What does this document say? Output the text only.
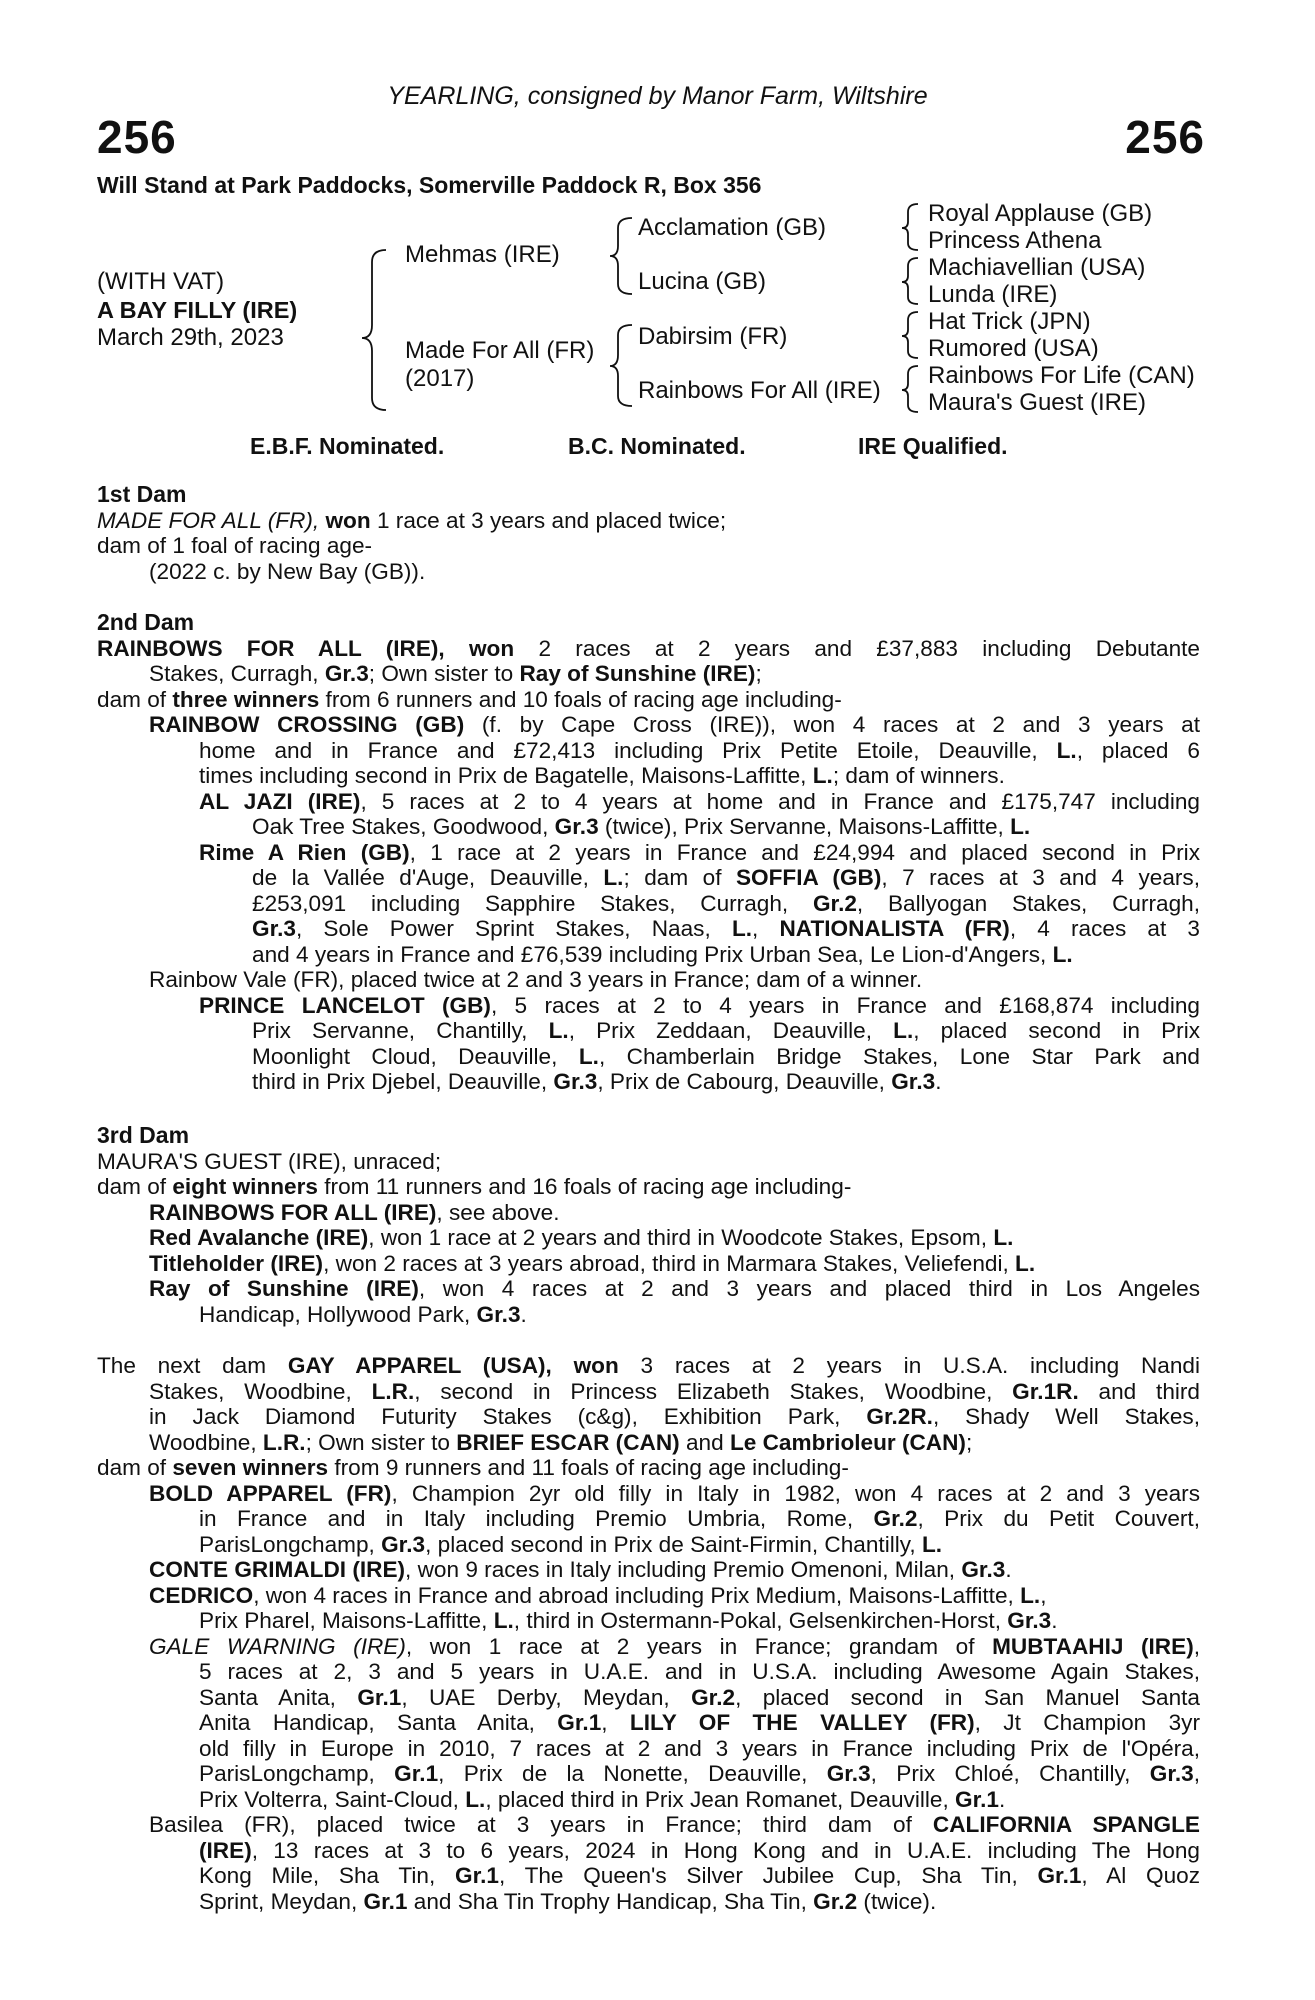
YEARLING, consigned by Manor Farm, Wiltshire
256	256
Will Stand at Park Paddocks, Somerville Paddock R, Box 356
(WITH VAT)
A BAY FILLY (IRE)
March 29th, 2023
Mehmas (IRE)
Made For All (FR)
(2017)
Acclamation (GB)
Lucina (GB)
Dabirsim (FR)
Rainbows For All (IRE)
Royal Applause (GB)
Princess Athena
Machiavellian (USA)
Lunda (IRE)
Hat Trick (JPN)
Rumored (USA)
Rainbows For Life (CAN)
Maura's Guest (IRE)
E.B.F. Nominated.	B.C. Nominated.	IRE Qualified.
1st Dam
MADE FOR ALL (FR), won 1 race at 3 years and placed twice;
dam of 1 foal of racing age-
(2022 c. by New Bay (GB)).
2nd Dam
RAINBOWS FOR ALL (IRE), won 2 races at 2 years and £37,883 including Debutante
Stakes, Curragh, Gr.3; Own sister to Ray of Sunshine (IRE);
dam of three winners from 6 runners and 10 foals of racing age including-
RAINBOW CROSSING (GB) (f. by Cape Cross (IRE)), won 4 races at 2 and 3 years at
home and in France and £72,413 including Prix Petite Etoile, Deauville, L., placed 6
times including second in Prix de Bagatelle, Maisons-Laffitte, L.; dam of winners.
AL JAZI (IRE), 5 races at 2 to 4 years at home and in France and £175,747 including
Oak Tree Stakes, Goodwood, Gr.3 (twice), Prix Servanne, Maisons-Laffitte, L.
Rime A Rien (GB), 1 race at 2 years in France and £24,994 and placed second in Prix
de la Vallée d'Auge, Deauville, L.; dam of SOFFIA (GB), 7 races at 3 and 4 years,
£253,091 including Sapphire Stakes, Curragh, Gr.2, Ballyogan Stakes, Curragh,
Gr.3, Sole Power Sprint Stakes, Naas, L., NATIONALISTA (FR), 4 races at 3
and 4 years in France and £76,539 including Prix Urban Sea, Le Lion-d'Angers, L.
Rainbow Vale (FR), placed twice at 2 and 3 years in France; dam of a winner.
PRINCE LANCELOT (GB), 5 races at 2 to 4 years in France and £168,874 including
Prix Servanne, Chantilly, L., Prix Zeddaan, Deauville, L., placed second in Prix
Moonlight Cloud, Deauville, L., Chamberlain Bridge Stakes, Lone Star Park and
third in Prix Djebel, Deauville, Gr.3, Prix de Cabourg, Deauville, Gr.3.
3rd Dam
MAURA'S GUEST (IRE), unraced;
dam of eight winners from 11 runners and 16 foals of racing age including-
RAINBOWS FOR ALL (IRE), see above.
Red Avalanche (IRE), won 1 race at 2 years and third in Woodcote Stakes, Epsom, L.
Titleholder (IRE), won 2 races at 3 years abroad, third in Marmara Stakes, Veliefendi, L.
Ray of Sunshine (IRE), won 4 races at 2 and 3 years and placed third in Los Angeles
Handicap, Hollywood Park, Gr.3.
The next dam GAY APPAREL (USA), won 3 races at 2 years in U.S.A. including Nandi
Stakes, Woodbine, L.R., second in Princess Elizabeth Stakes, Woodbine, Gr.1R. and third
in Jack Diamond Futurity Stakes (c&g), Exhibition Park, Gr.2R., Shady Well Stakes,
Woodbine, L.R.; Own sister to BRIEF ESCAR (CAN) and Le Cambrioleur (CAN);
dam of seven winners from 9 runners and 11 foals of racing age including-
BOLD APPAREL (FR), Champion 2yr old filly in Italy in 1982, won 4 races at 2 and 3 years
in France and in Italy including Premio Umbria, Rome, Gr.2, Prix du Petit Couvert,
ParisLongchamp, Gr.3, placed second in Prix de Saint-Firmin, Chantilly, L.
CONTE GRIMALDI (IRE), won 9 races in Italy including Premio Omenoni, Milan, Gr.3.
CEDRICO, won 4 races in France and abroad including Prix Medium, Maisons-Laffitte, L.,
Prix Pharel, Maisons-Laffitte, L., third in Ostermann-Pokal, Gelsenkirchen-Horst, Gr.3.
GALE WARNING (IRE), won 1 race at 2 years in France; grandam of MUBTAAHIJ (IRE),
5 races at 2, 3 and 5 years in U.A.E. and in U.S.A. including Awesome Again Stakes,
Santa Anita, Gr.1, UAE Derby, Meydan, Gr.2, placed second in San Manuel Santa
Anita Handicap, Santa Anita, Gr.1, LILY OF THE VALLEY (FR), Jt Champion 3yr
old filly in Europe in 2010, 7 races at 2 and 3 years in France including Prix de l'Opéra,
ParisLongchamp, Gr.1, Prix de la Nonette, Deauville, Gr.3, Prix Chloé, Chantilly, Gr.3,
Prix Volterra, Saint-Cloud, L., placed third in Prix Jean Romanet, Deauville, Gr.1.
Basilea (FR), placed twice at 3 years in France; third dam of CALIFORNIA SPANGLE
(IRE), 13 races at 3 to 6 years, 2024 in Hong Kong and in U.A.E. including The Hong
Kong Mile, Sha Tin, Gr.1, The Queen's Silver Jubilee Cup, Sha Tin, Gr.1, Al Quoz
Sprint, Meydan, Gr.1 and Sha Tin Trophy Handicap, Sha Tin, Gr.2 (twice).
